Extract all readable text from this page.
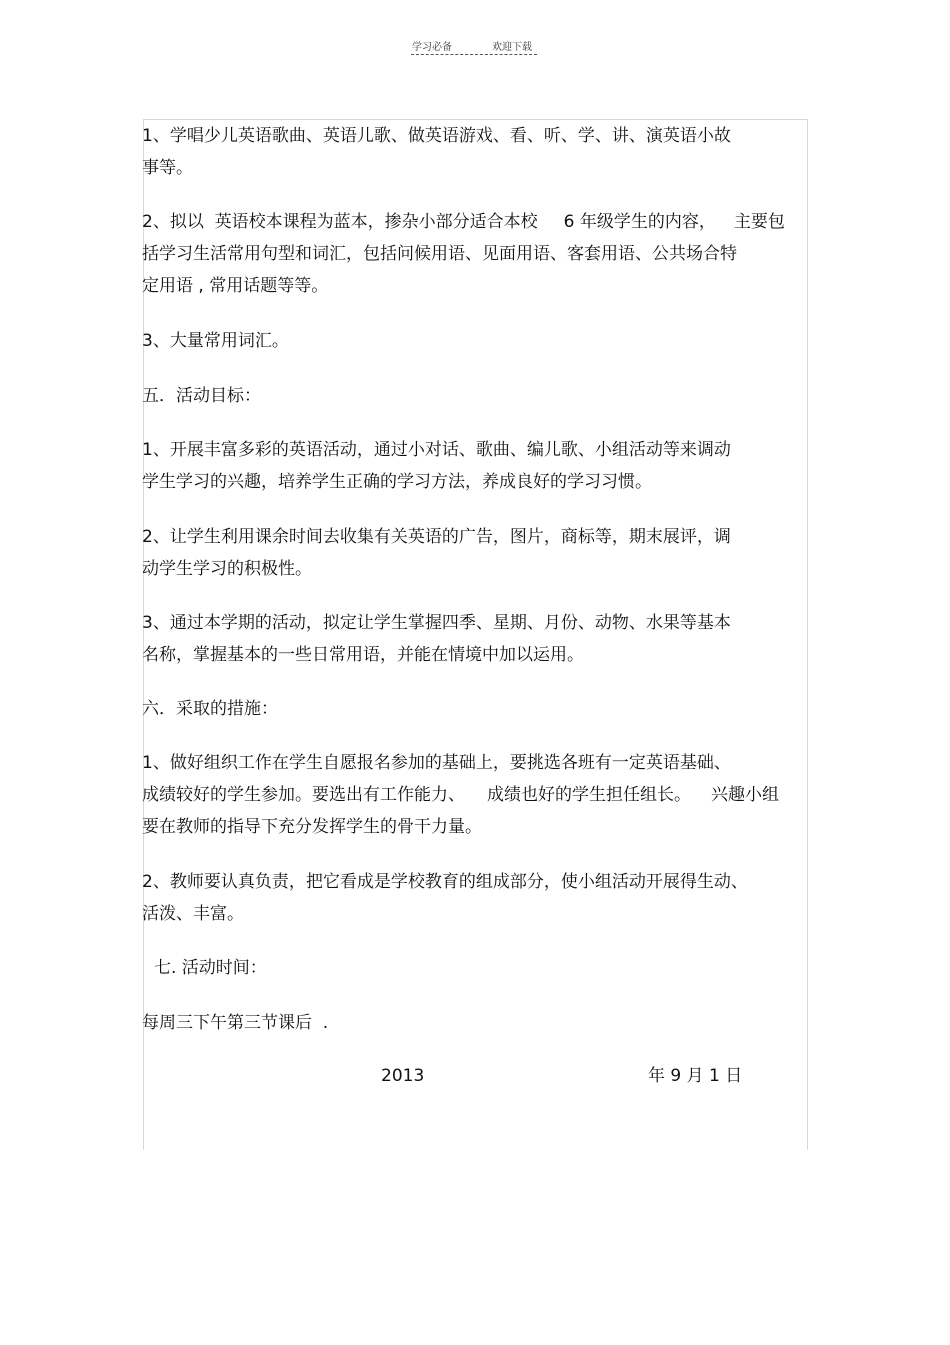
学习必备	欢迎下载
1、学唱少儿英语歌曲、英语儿歌、做英语游戏、看、听、学、讲、演英语小故
事等。
2、拟以  英语校本课程为蓝本，掺杂小部分适合本校 6 年级学生的内容， 主要包
括学习生活常用句型和词汇，包括问候用语、见面用语、客套用语、公共场合特
定用语 , 常用话题等等。
3、大量常用词汇。
五．活动目标：
1、开展丰富多彩的英语活动，通过小对话、歌曲、编儿歌、小组活动等来调动
学生学习的兴趣，培养学生正确的学习方法，养成良好的学习习惯。
2、让学生利用课余时间去收集有关英语的广告，图片，商标等，期末展评，调
动学生学习的积极性。
3、通过本学期的活动，拟定让学生掌握四季、星期、月份、动物、水果等基本
名称，掌握基本的一些日常用语，并能在情境中加以运用。
六．采取的措施：
1、做好组织工作在学生自愿报名参加的基础上，要挑选各班有一定英语基础、
成绩较好的学生参加。要选出有工作能力、 成绩也好的学生担任组长。 兴趣小组
要在教师的指导下充分发挥学生的骨干力量。
2、教师要认真负责，把它看成是学校教育的组成部分，使小组活动开展得生动、
活泼、丰富。
七. 活动时间：
每周三下午第三节课后  .
2013	年 9 月 1 日
